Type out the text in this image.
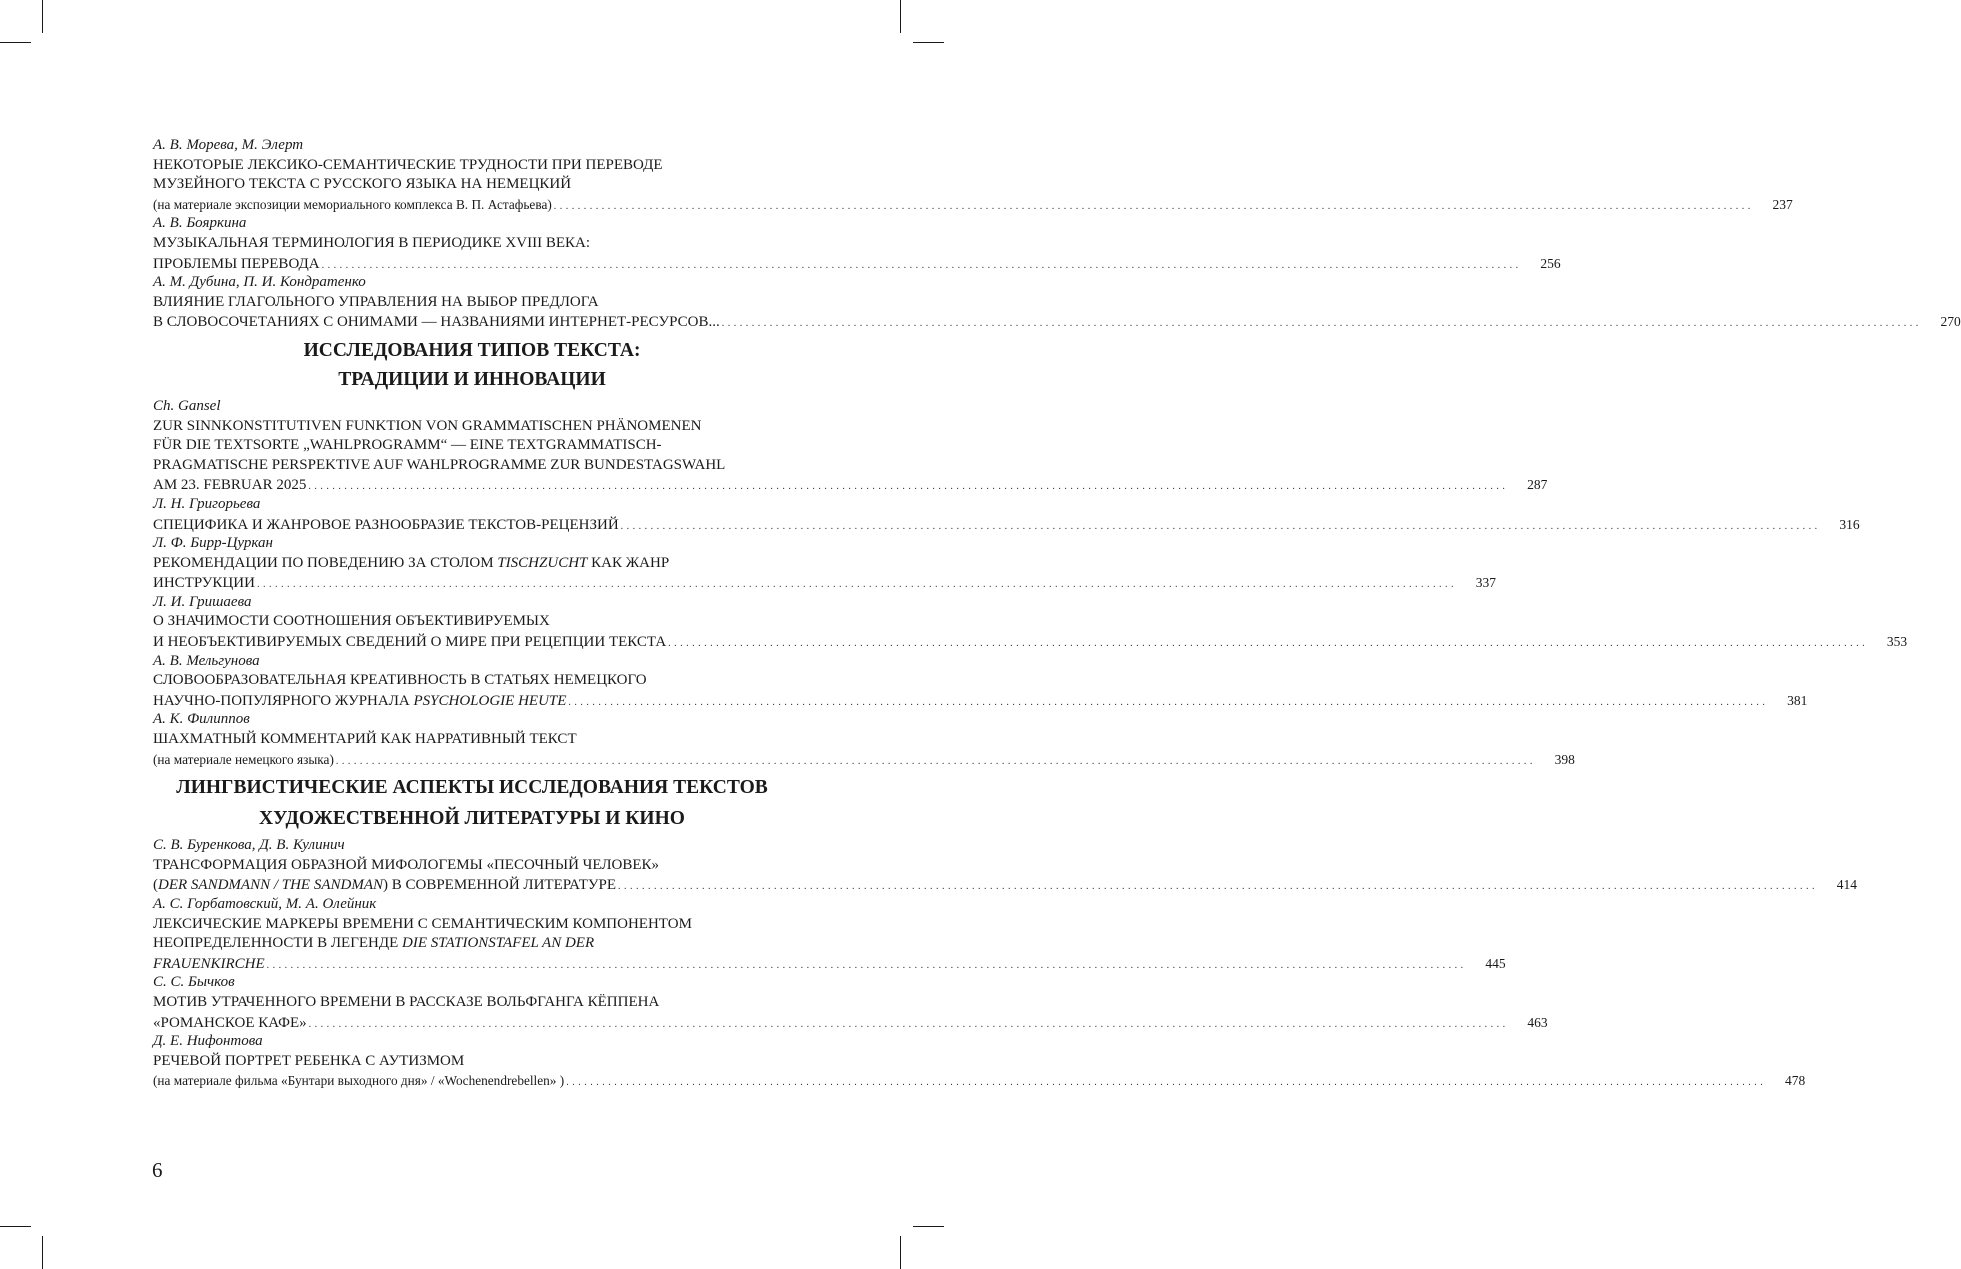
А. В. Морева, М. Элерт
НЕКОТОРЫЕ ЛЕКСИКО-СЕМАНТИЧЕСКИЕ ТРУДНОСТИ ПРИ ПЕРЕВОДЕ
МУЗЕЙНОГО ТЕКСТА С РУССКОГО ЯЗЫКА НА НЕМЕЦКИЙ
(на материале экспозиции мемориального комплекса В. П. Астафьева) . . . . . . . . . . . . . . . . . . . . . . . . . . . . . . . . . . . . . . . . . . . . . . . . . . . . . . . . . . . . . . . . . . . . . . . . . . . . . . . . . . . . . . . . . . . . . . . . . . . . . . . . . . . . . . . . . . . . . . . . . . . . . . . . . . . . . . . . . . . . . . . . . . . . . . . . . . . . . . . . . . . . . . . . . . . . . . . . . . . . . . . . . . . . . . . . . . . . . . . .	237
А. В. Бояркина
МУЗЫКАЛЬНАЯ ТЕРМИНОЛОГИЯ В ПЕРИОДИКЕ XVIII ВЕКА:
ПРОБЛЕМЫ ПЕРЕВОДА . . . . . . . . . . . . . . . . . . . . . . . . . . . . . . . . . . . . . . . . . . . . . . . . . . . . . . . . . . . . . . . . . . . . . . . . . . . . . . . . . . . . . . . . . . . . . . . . . . . . . . . . . . . . . . . . . . . . . . . . . . . . . . . . . . . . . . . . . . . . . . . . . . . . . . . . . . . . . . . . . . . . . . . . . . . . . . . . . . . . . . . . . . . . . . . . . . . . . . . .	256
А. М. Дубина, П. И. Кондратенко
ВЛИЯНИЕ ГЛАГОЛЬНОГО УПРАВЛЕНИЯ НА ВЫБОР ПРЕДЛОГА
В СЛОВОСОЧЕТАНИЯХ С ОНИМАМИ — НАЗВАНИЯМИ ИНТЕРНЕТ-РЕСУРСОВ... . . . . . . . . . . . . . . . . . . . . . . . . . . . . . . . . . . . . . . . . . . . . . . . . . . . . . . . . . . . . . . . . . . . . . . . . . . . . . . . . . . . . . . . . . . . . . . . . . . . . . . . . . . . . . . . . . . . . . . . . . . . . . . . . . . . . . . . . . . . . . . . . . . . . . . . . . . . . . . . . . . . . . . . . . . . . . . . . . . . . . . . . . . . . . . . . . . . . . . . .	270
ИССЛЕДОВАНИЯ ТИПОВ ТЕКСТА:
ТРАДИЦИИ И ИННОВАЦИИ
Ch. Gansel
ZUR SINNKONSTITUTIVEN FUNKTION VON GRAMMATISCHEN PHÄNOMENEN
FÜR DIE TEXTSORTE „WAHLPROGRAMM“ — EINE TEXTGRAMMATISCH-
PRAGMATISCHE PERSPEKTIVE AUF WAHLPROGRAMME ZUR BUNDESTAGSWAHL
AM 23. FEBRUAR 2025 . . . . . . . . . . . . . . . . . . . . . . . . . . . . . . . . . . . . . . . . . . . . . . . . . . . . . . . . . . . . . . . . . . . . . . . . . . . . . . . . . . . . . . . . . . . . . . . . . . . . . . . . . . . . . . . . . . . . . . . . . . . . . . . . . . . . . . . . . . . . . . . . . . . . . . . . . . . . . . . . . . . . . . . . . . . . . . . . . . . . . . . . . . . . . . . . . . . . . . . .	287
Л. Н. Григорьева
СПЕЦИФИКА И ЖАНРОВОЕ РАЗНООБРАЗИЕ ТЕКСТОВ-РЕЦЕНЗИЙ . . . . . . . . . . . . . . . . . . . . . . . . . . . . . . . . . . . . . . . . . . . . . . . . . . . . . . . . . . . . . . . . . . . . . . . . . . . . . . . . . . . . . . . . . . . . . . . . . . . . . . . . . . . . . . . . . . . . . . . . . . . . . . . . . . . . . . . . . . . . . . . . . . . . . . . . . . . . . . . . . . . . . . . . . . . . . . . . . . . . . . . . . . . . . . . . . . . . . . . .	316
Л. Ф. Бирр-Цуркан
РЕКОМЕНДАЦИИ ПО ПОВЕДЕНИЮ ЗА СТОЛОМ TISCHZUCHT КАК ЖАНР
ИНСТРУКЦИИ . . . . . . . . . . . . . . . . . . . . . . . . . . . . . . . . . . . . . . . . . . . . . . . . . . . . . . . . . . . . . . . . . . . . . . . . . . . . . . . . . . . . . . . . . . . . . . . . . . . . . . . . . . . . . . . . . . . . . . . . . . . . . . . . . . . . . . . . . . . . . . . . . . . . . . . . . . . . . . . . . . . . . . . . . . . . . . . . . . . . . . . . . . . . . . . . . . . . . . . .	337
Л. И. Гришаева
О ЗНАЧИМОСТИ СООТНОШЕНИЯ ОБЪЕКТИВИРУЕМЫХ
И НЕОБЪЕКТИВИРУЕМЫХ СВЕДЕНИЙ О МИРЕ ПРИ РЕЦЕПЦИИ ТЕКСТА . . . . . . . . . . . . . . . . . . . . . . . . . . . . . . . . . . . . . . . . . . . . . . . . . . . . . . . . . . . . . . . . . . . . . . . . . . . . . . . . . . . . . . . . . . . . . . . . . . . . . . . . . . . . . . . . . . . . . . . . . . . . . . . . . . . . . . . . . . . . . . . . . . . . . . . . . . . . . . . . . . . . . . . . . . . . . . . . . . . . . . . . . . . . . . . . . . . . . . . .	353
А. В. Мельгунова
СЛОВООБРАЗОВАТЕЛЬНАЯ КРЕАТИВНОСТЬ В СТАТЬЯХ НЕМЕЦКОГО
НАУЧНО-ПОПУЛЯРНОГО ЖУРНАЛА PSYCHOLOGIE HEUTE . . . . . . . . . . . . . . . . . . . . . . . . . . . . . . . . . . . . . . . . . . . . . . . . . . . . . . . . . . . . . . . . . . . . . . . . . . . . . . . . . . . . . . . . . . . . . . . . . . . . . . . . . . . . . . . . . . . . . . . . . . . . . . . . . . . . . . . . . . . . . . . . . . . . . . . . . . . . . . . . . . . . . . . . . . . . . . . . . . . . . . . . . . . . . . . . . . . . . . . .	381
А. К. Филиппов
ШАХМАТНЫЙ КОММЕНТАРИЙ КАК НАРРАТИВНЫЙ ТЕКСТ
(на материале немецкого языка) . . . . . . . . . . . . . . . . . . . . . . . . . . . . . . . . . . . . . . . . . . . . . . . . . . . . . . . . . . . . . . . . . . . . . . . . . . . . . . . . . . . . . . . . . . . . . . . . . . . . . . . . . . . . . . . . . . . . . . . . . . . . . . . . . . . . . . . . . . . . . . . . . . . . . . . . . . . . . . . . . . . . . . . . . . . . . . . . . . . . . . . . . . . . . . . . . . . . . . . .	398
ЛИНГВИСТИЧЕСКИЕ АСПЕКТЫ ИССЛЕДОВАНИЯ ТЕКСТОВ
ХУДОЖЕСТВЕННОЙ ЛИТЕРАТУРЫ И КИНО
С. В. Буренкова, Д. В. Кулинич
ТРАНСФОРМАЦИЯ ОБРАЗНОЙ МИФОЛОГЕМЫ «ПЕСОЧНЫЙ ЧЕЛОВЕК»
(DER SANDMANN / THE SANDMAN) В СОВРЕМЕННОЙ ЛИТЕРАТУРЕ . . . . . . . . . . . . . . . . . . . . . . . . . . . . . . . . . . . . . . . . . . . . . . . . . . . . . . . . . . . . . . . . . . . . . . . . . . . . . . . . . . . . . . . . . . . . . . . . . . . . . . . . . . . . . . . . . . . . . . . . . . . . . . . . . . . . . . . . . . . . . . . . . . . . . . . . . . . . . . . . . . . . . . . . . . . . . . . . . . . . . . . . . . . . . . . . . . . . . . . .	414
А. С. Горбатовский, М. А. Олейник
ЛЕКСИЧЕСКИЕ МАРКЕРЫ ВРЕМЕНИ С СЕМАНТИЧЕСКИМ КОМПОНЕНТОМ
НЕОПРЕДЕЛЕННОСТИ В ЛЕГЕНДЕ DIE STATIONSTAFEL AN DER
FRAUENKIRCHE . . . . . . . . . . . . . . . . . . . . . . . . . . . . . . . . . . . . . . . . . . . . . . . . . . . . . . . . . . . . . . . . . . . . . . . . . . . . . . . . . . . . . . . . . . . . . . . . . . . . . . . . . . . . . . . . . . . . . . . . . . . . . . . . . . . . . . . . . . . . . . . . . . . . . . . . . . . . . . . . . . . . . . . . . . . . . . . . . . . . . . . . . . . . . . . . . . . . . . . .	445
С. С. Бычков
МОТИВ УТРАЧЕННОГО ВРЕМЕНИ В РАССКАЗЕ ВОЛЬФГАНГА КЁППЕНА
«РОМАНСКОЕ КАФЕ» . . . . . . . . . . . . . . . . . . . . . . . . . . . . . . . . . . . . . . . . . . . . . . . . . . . . . . . . . . . . . . . . . . . . . . . . . . . . . . . . . . . . . . . . . . . . . . . . . . . . . . . . . . . . . . . . . . . . . . . . . . . . . . . . . . . . . . . . . . . . . . . . . . . . . . . . . . . . . . . . . . . . . . . . . . . . . . . . . . . . . . . . . . . . . . . . . . . . . . . .	463
Д. Е. Нифонтова
РЕЧЕВОЙ ПОРТРЕТ РЕБЕНКА С АУТИЗМОМ
(на материале фильма «Бунтари выходного дня» / «Wochenendrebellen» ) . . . . . . . . . . . . . . . . . . . . . . . . . . . . . . . . . . . . . . . . . . . . . . . . . . . . . . . . . . . . . . . . . . . . . . . . . . . . . . . . . . . . . . . . . . . . . . . . . . . . . . . . . . . . . . . . . . . . . . . . . . . . . . . . . . . . . . . . . . . . . . . . . . . . . . . . . . . . . . . . . . . . . . . . . . . . . . . . . . . . . . . . . . . . . . . . . . . . . . . .	478
6
